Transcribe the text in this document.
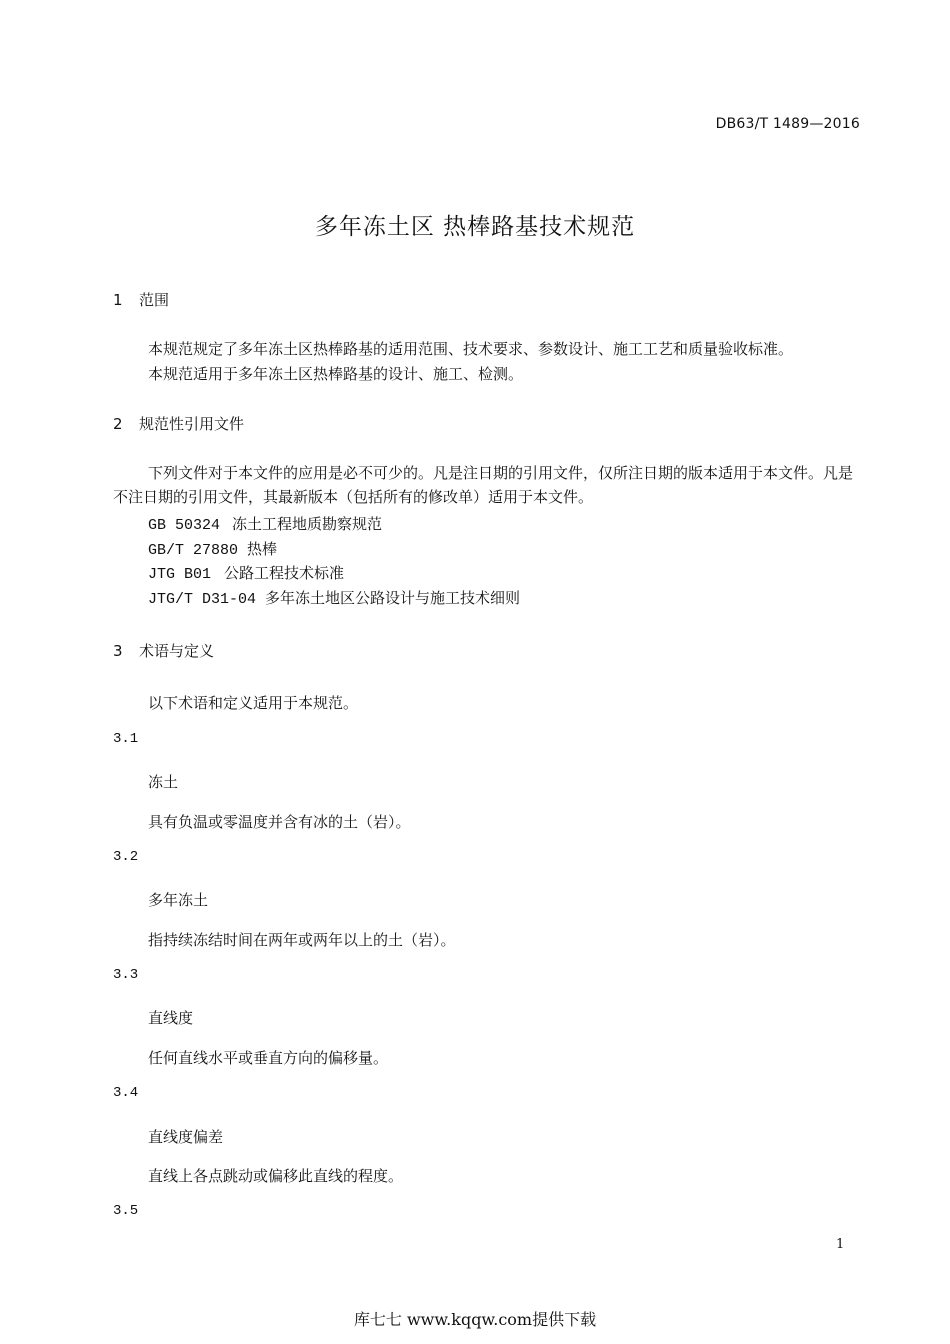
DB63/T 1489—2016
多年冻土区 热棒路基技术规范
1 范围
本规范规定了多年冻土区热棒路基的适用范围、技术要求、参数设计、施工工艺和质量验收标准。
本规范适用于多年冻土区热棒路基的设计、施工、检测。
2 规范性引用文件
下列文件对于本文件的应用是必不可少的。凡是注日期的引用文件，仅所注日期的版本适用于本文件。凡是不注日期的引用文件，其最新版本（包括所有的修改单）适用于本文件。
GB 50324 冻土工程地质勘察规范
GB/T 27880 热棒
JTG B01 公路工程技术标准
JTG/T D31-04 多年冻土地区公路设计与施工技术细则
3 术语与定义
以下术语和定义适用于本规范。
3.1
冻土
具有负温或零温度并含有冰的土（岩）。
3.2
多年冻土
指持续冻结时间在两年或两年以上的土（岩）。
3.3
直线度
任何直线水平或垂直方向的偏移量。
3.4
直线度偏差
直线上各点跳动或偏移此直线的程度。
3.5
1
库七七 www.kqqw.com提供下载
